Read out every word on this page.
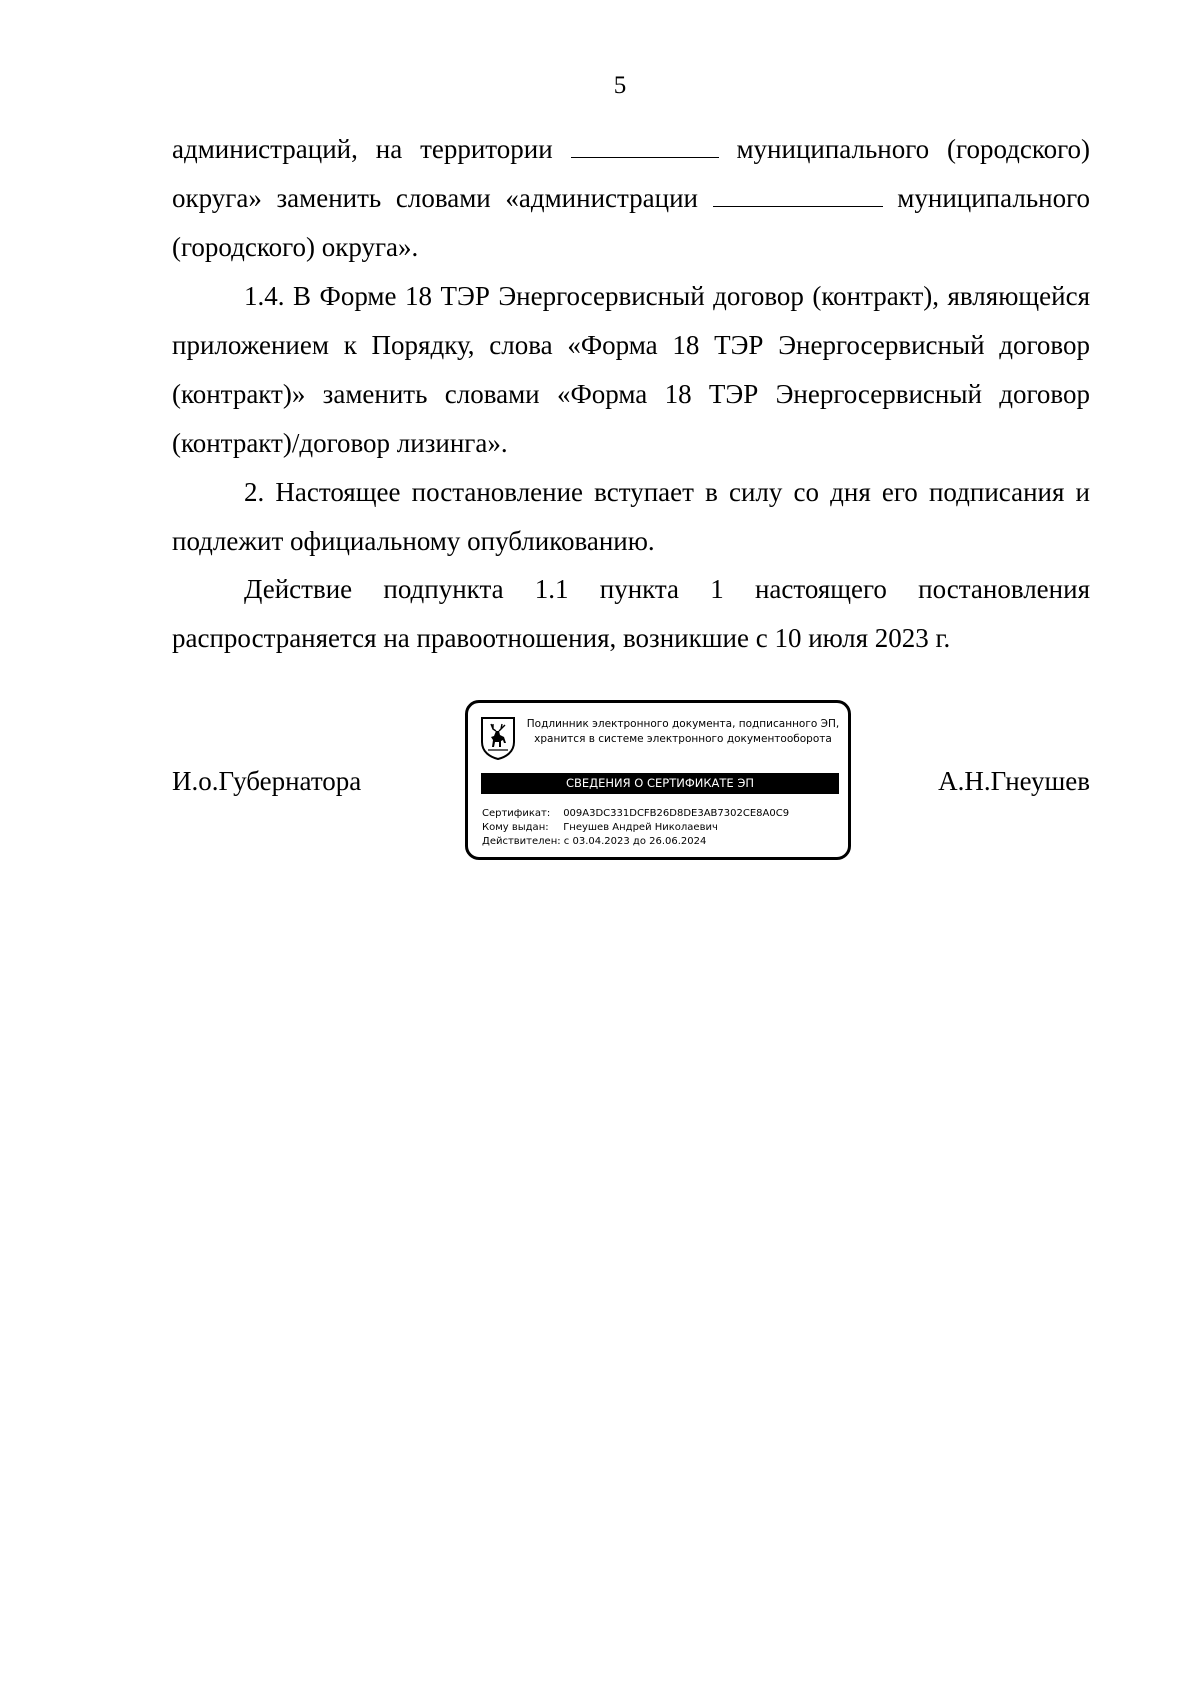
5

администраций, на территории	муниципального (городского)

округа» заменить словами «администрации	муниципального

(городского) округа».

1.4. В Форме 18 ТЭР Энергосервисный договор (контракт), являющейся приложением к Порядку, слова «Форма 18 ТЭР Энергосервисный договор (контракт)» заменить словами «Форма 18 ТЭР Энергосервисный договор (контракт)/договор лизинга».

2. Настоящее постановление вступает в силу со дня его подписания и подлежит официальному опубликованию.

Действие подпункта 1.1 пункта 1 настоящего постановления распространяется на правоотношения, возникшие с 10 июля 2023 г.

И.о.Губернатора	А.Н.Гнеушев
Подлинник электронного документа, подписанного ЭП,
хранится в системе электронного документооборота
СВЕДЕНИЯ О СЕРТИФИКАТЕ ЭП
Сертификат: 009A3DC331DCFB26D8DE3AB7302CE8A0C9
Кому выдан: Гнеушев Андрей Николаевич
Действителен: с 03.04.2023 до 26.06.2024
